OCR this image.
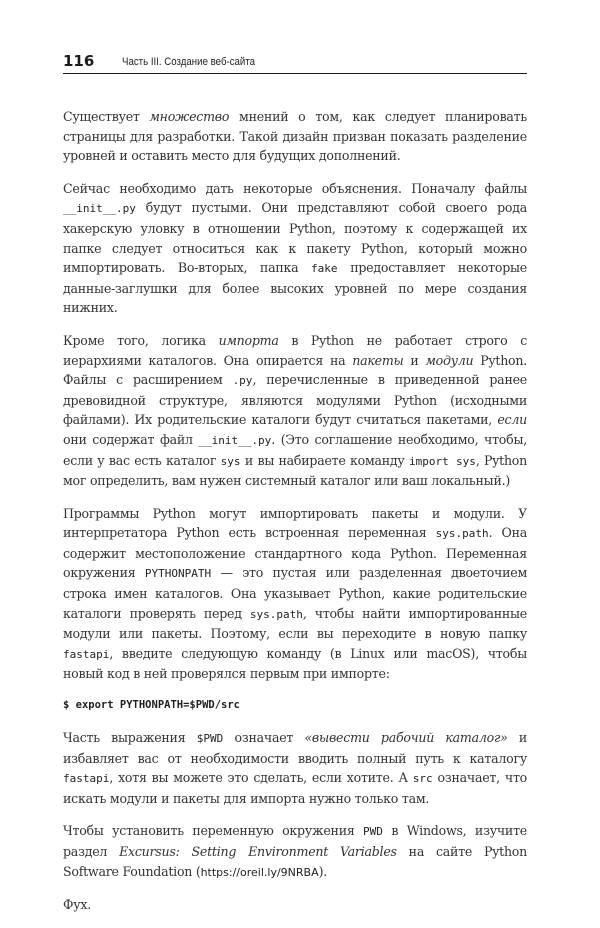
116	Часть III. Создание веб-сайта

Существует множество мнений о том, как следует планировать страницы для разработки. Такой дизайн призван показать разделение уровней и оставить место для будущих дополнений.

Сейчас необходимо дать некоторые объяснения. Поначалу файлы __init__.py будут пустыми. Они представляют собой своего рода хакерскую уловку в отношении Python, поэтому к содержащей их папке следует относиться как к пакету Python, который можно импортировать. Во-вторых, папка fake предоставляет некоторые данные-заглушки для более высоких уровней по мере создания нижних.

Кроме того, логика импорта в Python не работает строго с иерархиями каталогов. Она опирается на пакеты и модули Python. Файлы с расширением .py, перечисленные в приведенной ранее древовидной структуре, являются модулями Python (исходными файлами). Их родительские каталоги будут считаться пакетами, если они содержат файл __init__.py. (Это соглашение необходимо, чтобы, если у вас есть каталог sys и вы набираете команду import sys, Python мог определить, вам нужен системный каталог или ваш локальный.)

Программы Python могут импортировать пакеты и модули. У интерпретатора Python есть встроенная переменная sys.path. Она содержит местоположение стандартного кода Python. Переменная окружения PYTHONPATH — это пустая или разделенная двоеточием строка имен каталогов. Она указывает Python, какие родительские каталоги проверять перед sys.path, чтобы найти импортированные модули или пакеты. Поэтому, если вы переходите в новую папку fastapi, введите следующую команду (в Linux или macOS), чтобы новый код в ней проверялся первым при импорте:

$ export PYTHONPATH=$PWD/src

Часть выражения $PWD означает «вывести рабочий каталог» и избавляет вас от необходимости вводить полный путь к каталогу fastapi, хотя вы можете это сделать, если хотите. А src означает, что искать модули и пакеты для импорта нужно только там.

Чтобы установить переменную окружения PWD в Windows, изучите раздел Excursus: Setting Environment Variables на сайте Python Software Foundation (https://oreil.ly/9NRBA).

Фух.
